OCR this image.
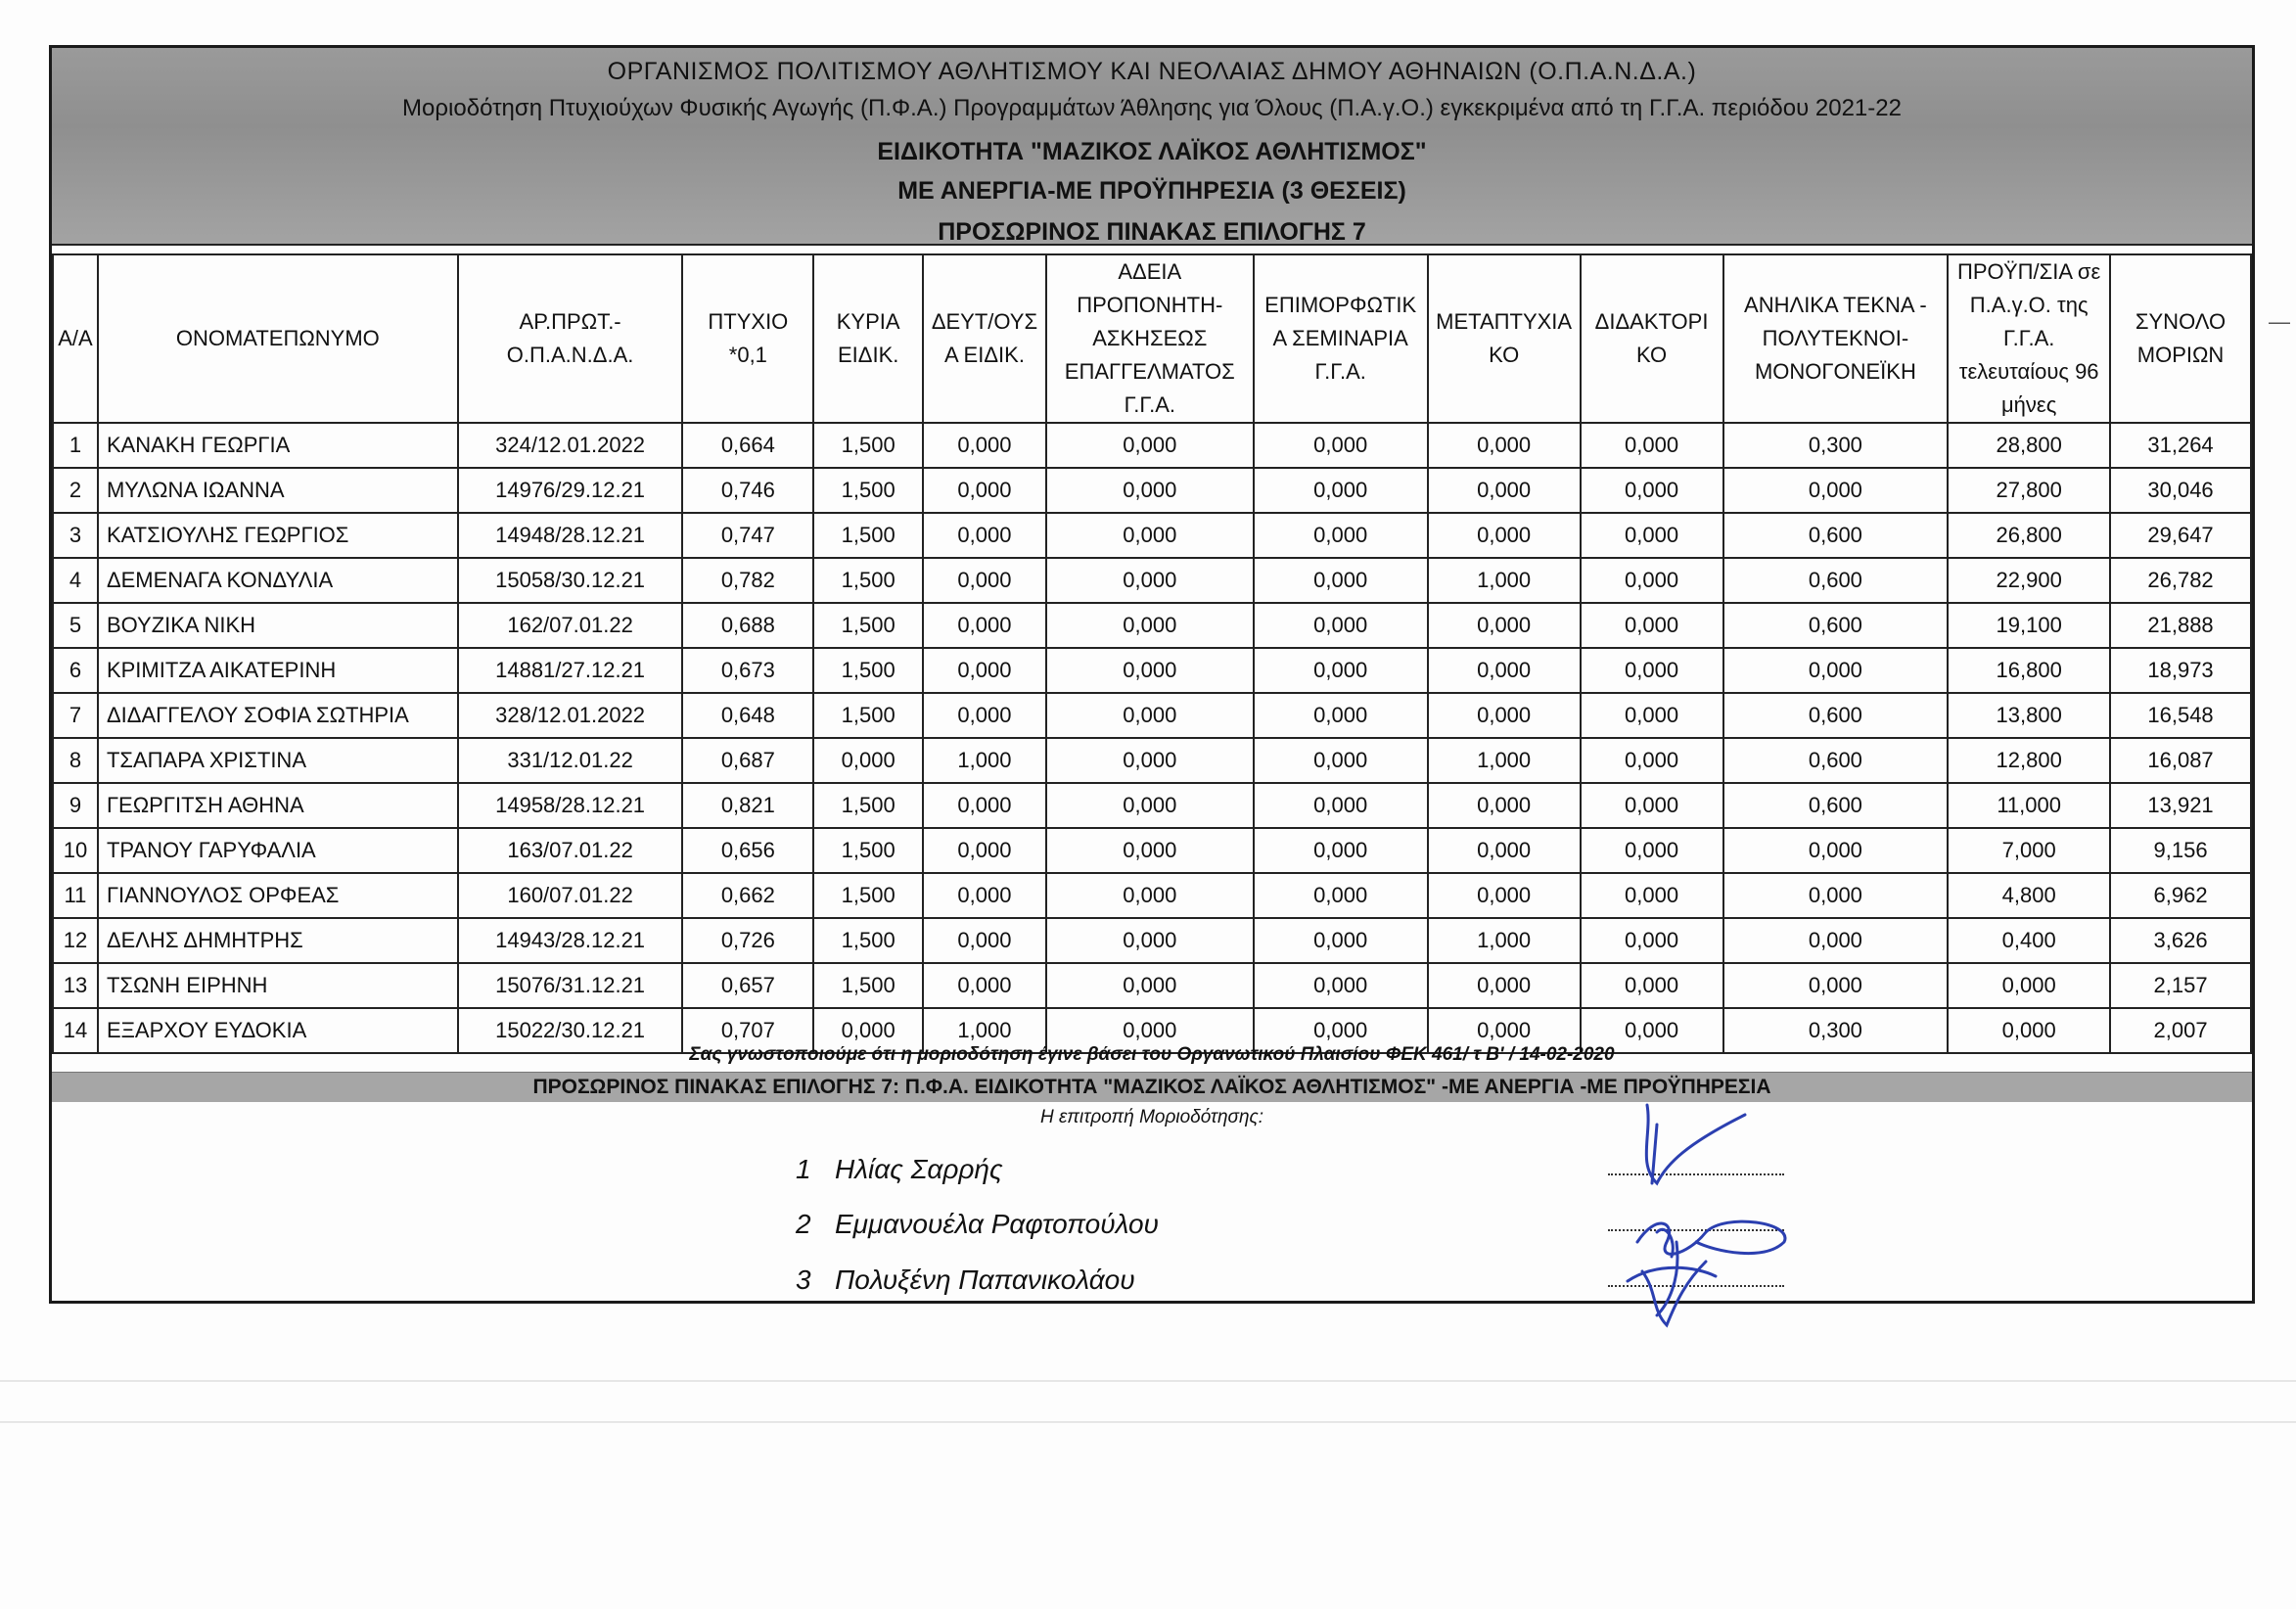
ΟΡΓΑΝΙΣΜΟΣ ΠΟΛΙΤΙΣΜΟΥ ΑΘΛΗΤΙΣΜΟΥ ΚΑΙ ΝΕΟΛΑΙΑΣ ΔΗΜΟΥ ΑΘΗΝΑΙΩΝ (Ο.Π.Α.Ν.Δ.Α.)
Μοριοδότηση Πτυχιούχων Φυσικής Αγωγής (Π.Φ.Α.) Προγραμμάτων Άθλησης για Όλους (Π.Α.γ.Ο.) εγκεκριμένα από τη Γ.Γ.Α. περιόδου 2021-22
ΕΙΔΙΚΟΤΗΤΑ "ΜΑΖΙΚΟΣ ΛΑΪΚΟΣ ΑΘΛΗΤΙΣΜΟΣ"
ΜΕ ΑΝΕΡΓΙΑ-ΜΕ ΠΡΟΫΠΗΡΕΣΙΑ (3 ΘΕΣΕΙΣ)
ΠΡΟΣΩΡΙΝΟΣ ΠΙΝΑΚΑΣ ΕΠΙΛΟΓΗΣ 7
Α/Α	ΟΝΟΜΑΤΕΠΩΝΥΜΟ	ΑΡ.ΠΡΩΤ.- Ο.Π.Α.Ν.Δ.Α.	ΠΤΥΧΙΟ *0,1	ΚΥΡΙΑ ΕΙΔΙΚ.	ΔΕΥΤ/ΟΥΣ Α ΕΙΔΙΚ.	ΑΔΕΙΑ ΠΡΟΠΟΝΗΤΗ- ΑΣΚΗΣΕΩΣ ΕΠΑΓΓΕΛΜΑΤΟΣ Γ.Γ.Α.	ΕΠΙΜΟΡΦΩΤΙΚ Α ΣΕΜΙΝΑΡΙΑ Γ.Γ.Α.	ΜΕΤΑΠΤΥΧΙΑ ΚΟ	ΔΙΔΑΚΤΟΡΙ ΚΟ	ΑΝΗΛΙΚΑ ΤΕΚΝΑ - ΠΟΛΥΤΕΚΝΟΙ- ΜΟΝΟΓΟΝΕΪΚΗ	ΠΡΟΫΠ/ΣΙΑ σε Π.Α.γ.Ο. της Γ.Γ.Α. τελευταίους 96 μήνες	ΣΥΝΟΛΟ ΜΟΡΙΩΝ
1	ΚΑΝΑΚΗ ΓΕΩΡΓΙΑ	324/12.01.2022	0,664	1,500	0,000	0,000	0,000	0,000	0,000	0,300	28,800	31,264
2	ΜΥΛΩΝΑ ΙΩΑΝΝΑ	14976/29.12.21	0,746	1,500	0,000	0,000	0,000	0,000	0,000	0,000	27,800	30,046
3	ΚΑΤΣΙΟΥΛΗΣ ΓΕΩΡΓΙΟΣ	14948/28.12.21	0,747	1,500	0,000	0,000	0,000	0,000	0,000	0,600	26,800	29,647
4	ΔΕΜΕΝΑΓΑ ΚΟΝΔΥΛΙΑ	15058/30.12.21	0,782	1,500	0,000	0,000	0,000	1,000	0,000	0,600	22,900	26,782
5	ΒΟΥΖΙΚΑ ΝΙΚΗ	162/07.01.22	0,688	1,500	0,000	0,000	0,000	0,000	0,000	0,600	19,100	21,888
6	ΚΡΙΜΙΤΖΑ ΑΙΚΑΤΕΡΙΝΗ	14881/27.12.21	0,673	1,500	0,000	0,000	0,000	0,000	0,000	0,000	16,800	18,973
7	ΔΙΔΑΓΓΕΛΟΥ ΣΟΦΙΑ ΣΩΤΗΡΙΑ	328/12.01.2022	0,648	1,500	0,000	0,000	0,000	0,000	0,000	0,600	13,800	16,548
8	ΤΣΑΠΑΡΑ ΧΡΙΣΤΙΝΑ	331/12.01.22	0,687	0,000	1,000	0,000	0,000	1,000	0,000	0,600	12,800	16,087
9	ΓΕΩΡΓΙΤΣΗ ΑΘΗΝΑ	14958/28.12.21	0,821	1,500	0,000	0,000	0,000	0,000	0,000	0,600	11,000	13,921
10	ΤΡΑΝΟΥ ΓΑΡΥΦΑΛΙΑ	163/07.01.22	0,656	1,500	0,000	0,000	0,000	0,000	0,000	0,000	7,000	9,156
11	ΓΙΑΝΝΟΥΛΟΣ ΟΡΦΕΑΣ	160/07.01.22	0,662	1,500	0,000	0,000	0,000	0,000	0,000	0,000	4,800	6,962
12	ΔΕΛΗΣ ΔΗΜΗΤΡΗΣ	14943/28.12.21	0,726	1,500	0,000	0,000	0,000	1,000	0,000	0,000	0,400	3,626
13	ΤΣΩΝΗ ΕΙΡΗΝΗ	15076/31.12.21	0,657	1,500	0,000	0,000	0,000	0,000	0,000	0,000	0,000	2,157
14	ΕΞΑΡΧΟΥ ΕΥΔΟΚΙΑ	15022/30.12.21	0,707	0,000	1,000	0,000	0,000	0,000	0,000	0,300	0,000	2,007
Σας γνωστοποιούμε ότι η μοριοδότηση έγινε βάσει του Οργανωτικού Πλαισίου ΦΕΚ 461/ τ Β' / 14-02-2020
ΠΡΟΣΩΡΙΝΟΣ ΠΙΝΑΚΑΣ ΕΠΙΛΟΓΗΣ 7: Π.Φ.Α. ΕΙΔΙΚΟΤΗΤΑ "ΜΑΖΙΚΟΣ ΛΑΪΚΟΣ ΑΘΛΗΤΙΣΜΟΣ" -ΜΕ ΑΝΕΡΓΙΑ -ΜΕ ΠΡΟΫΠΗΡΕΣΙΑ
Η επιτροπή Μοριοδότησης:
1 Ηλίας Σαρρής
2 Εμμανουέλα Ραφτοπούλου
3 Πολυξένη Παπανικολάου
—
